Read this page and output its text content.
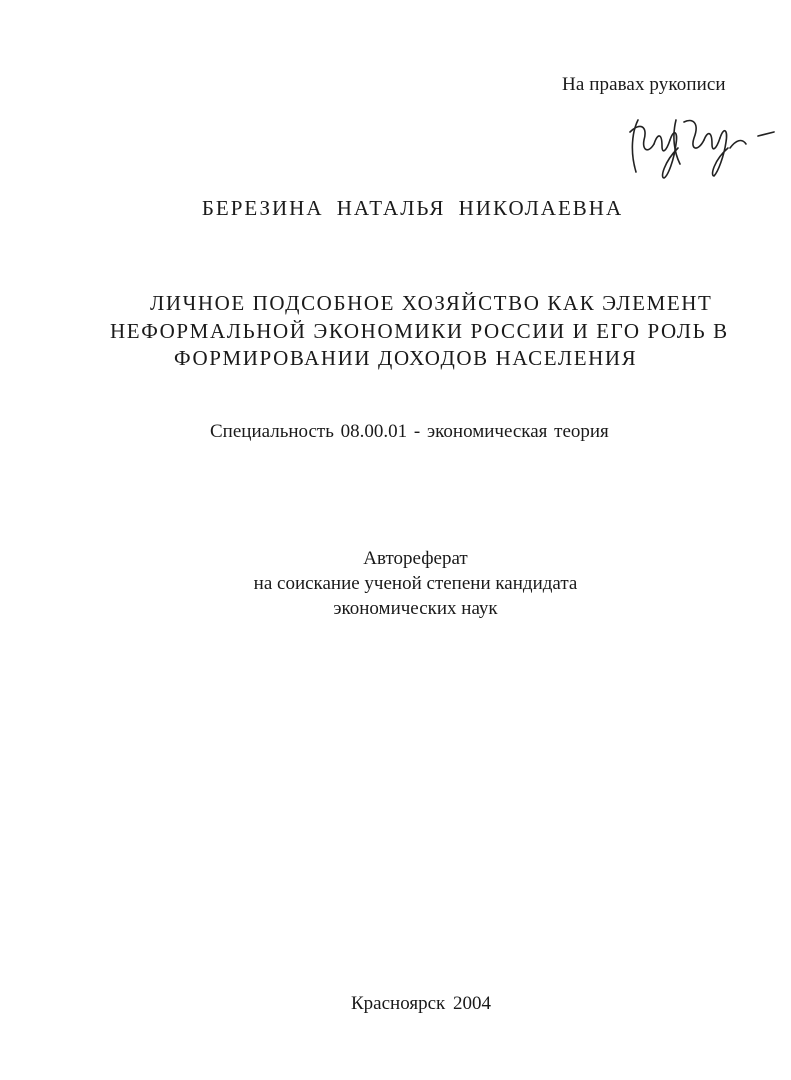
На правах рукописи
БЕРЕЗИНА НАТАЛЬЯ НИКОЛАЕВНА
ЛИЧНОЕ ПОДСОБНОЕ ХОЗЯЙСТВО КАК ЭЛЕМЕНТ
НЕФОРМАЛЬНОЙ ЭКОНОМИКИ РОССИИ И ЕГО РОЛЬ В
ФОРМИРОВАНИИ ДОХОДОВ НАСЕЛЕНИЯ
Специальность 08.00.01 - экономическая теория
Автореферат
на соискание ученой степени кандидата
экономических наук
Красноярск 2004
